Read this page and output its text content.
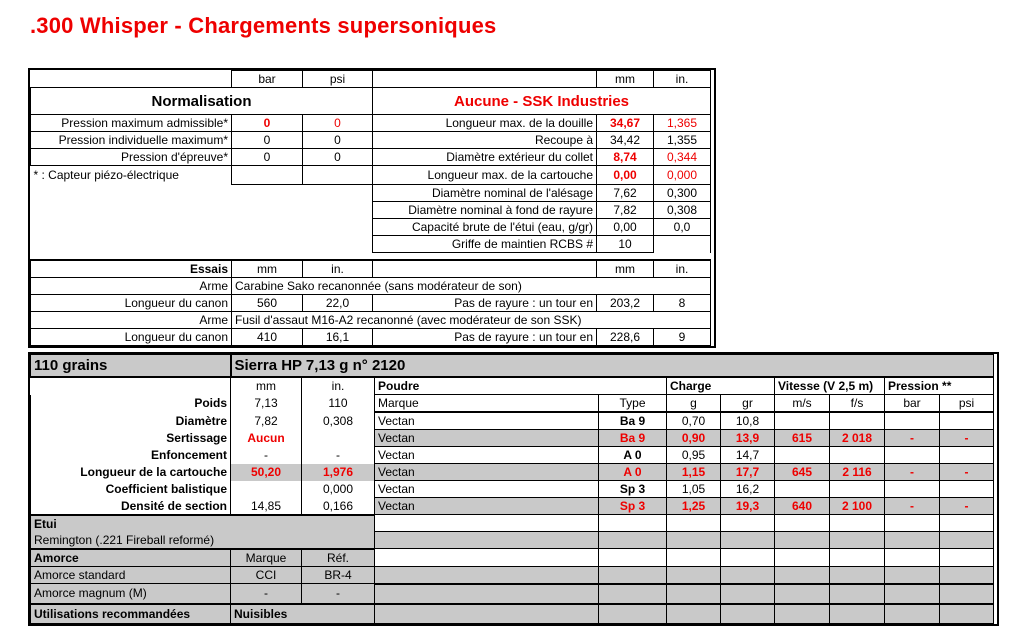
.300 Whisper - Chargements supersoniques
	bar	psi		mm	in.
Normalisation			Aucune - SSK Industries		
Pression maximum admissible*	0	0	Longueur max. de la douille	34,67	1,365
Pression individuelle maximum*	0	0	Recoupe à	34,42	1,355
Pression d'épreuve*	0	0	Diamètre extérieur du collet	8,74	0,344
* : Capteur piézo-électrique			Longueur max. de la cartouche	0,00	0,000
			Diamètre nominal de l'alésage	7,62	0,300
			Diamètre nominal à fond de rayure	7,82	0,308
			Capacité brute de l'étui (eau, g/gr)	0,00	0,0
			Griffe de maintien RCBS #	10	
Essais	mm	in.		mm	in.
Arme	Carabine Sako recanonnée (sans modérateur de son)				
Longueur du canon	560	22,0	Pas de rayure : un tour en	203,2	8
Arme	Fusil d'assaut M16-A2 recanonné (avec modérateur de son SSK)				
Longueur du canon	410	16,1	Pas de rayure : un tour en	228,6	9
110 grains	Sierra HP 7,13 g n° 2120									
	mm	in.	Poudre		Charge		Vitesse (V 2,5 m)		Pression **	
Poids	7,13	110	Marque	Type	g	gr	m/s	f/s	bar	psi
Diamètre	7,82	0,308	Vectan	Ba 9	0,70	10,8				
Sertissage	Aucun		Vectan	Ba 9	0,90	13,9	615	2 018	-	-
Enfoncement	-	-	Vectan	A 0	0,95	14,7				
Longueur de la cartouche	50,20	1,976	Vectan	A 0	1,15	17,7	645	2 116	-	-
Coefficient balistique		0,000	Vectan	Sp 3	1,05	16,2				
Densité de section	14,85	0,166	Vectan	Sp 3	1,25	19,3	640	2 100	-	-
Etui										
Remington (.221 Fireball reformé)										
Amorce	Marque	Réf.								
Amorce standard	CCI	BR-4								
Amorce magnum (M)	-	-								
Utilisations recommandées	Nuisibles									
